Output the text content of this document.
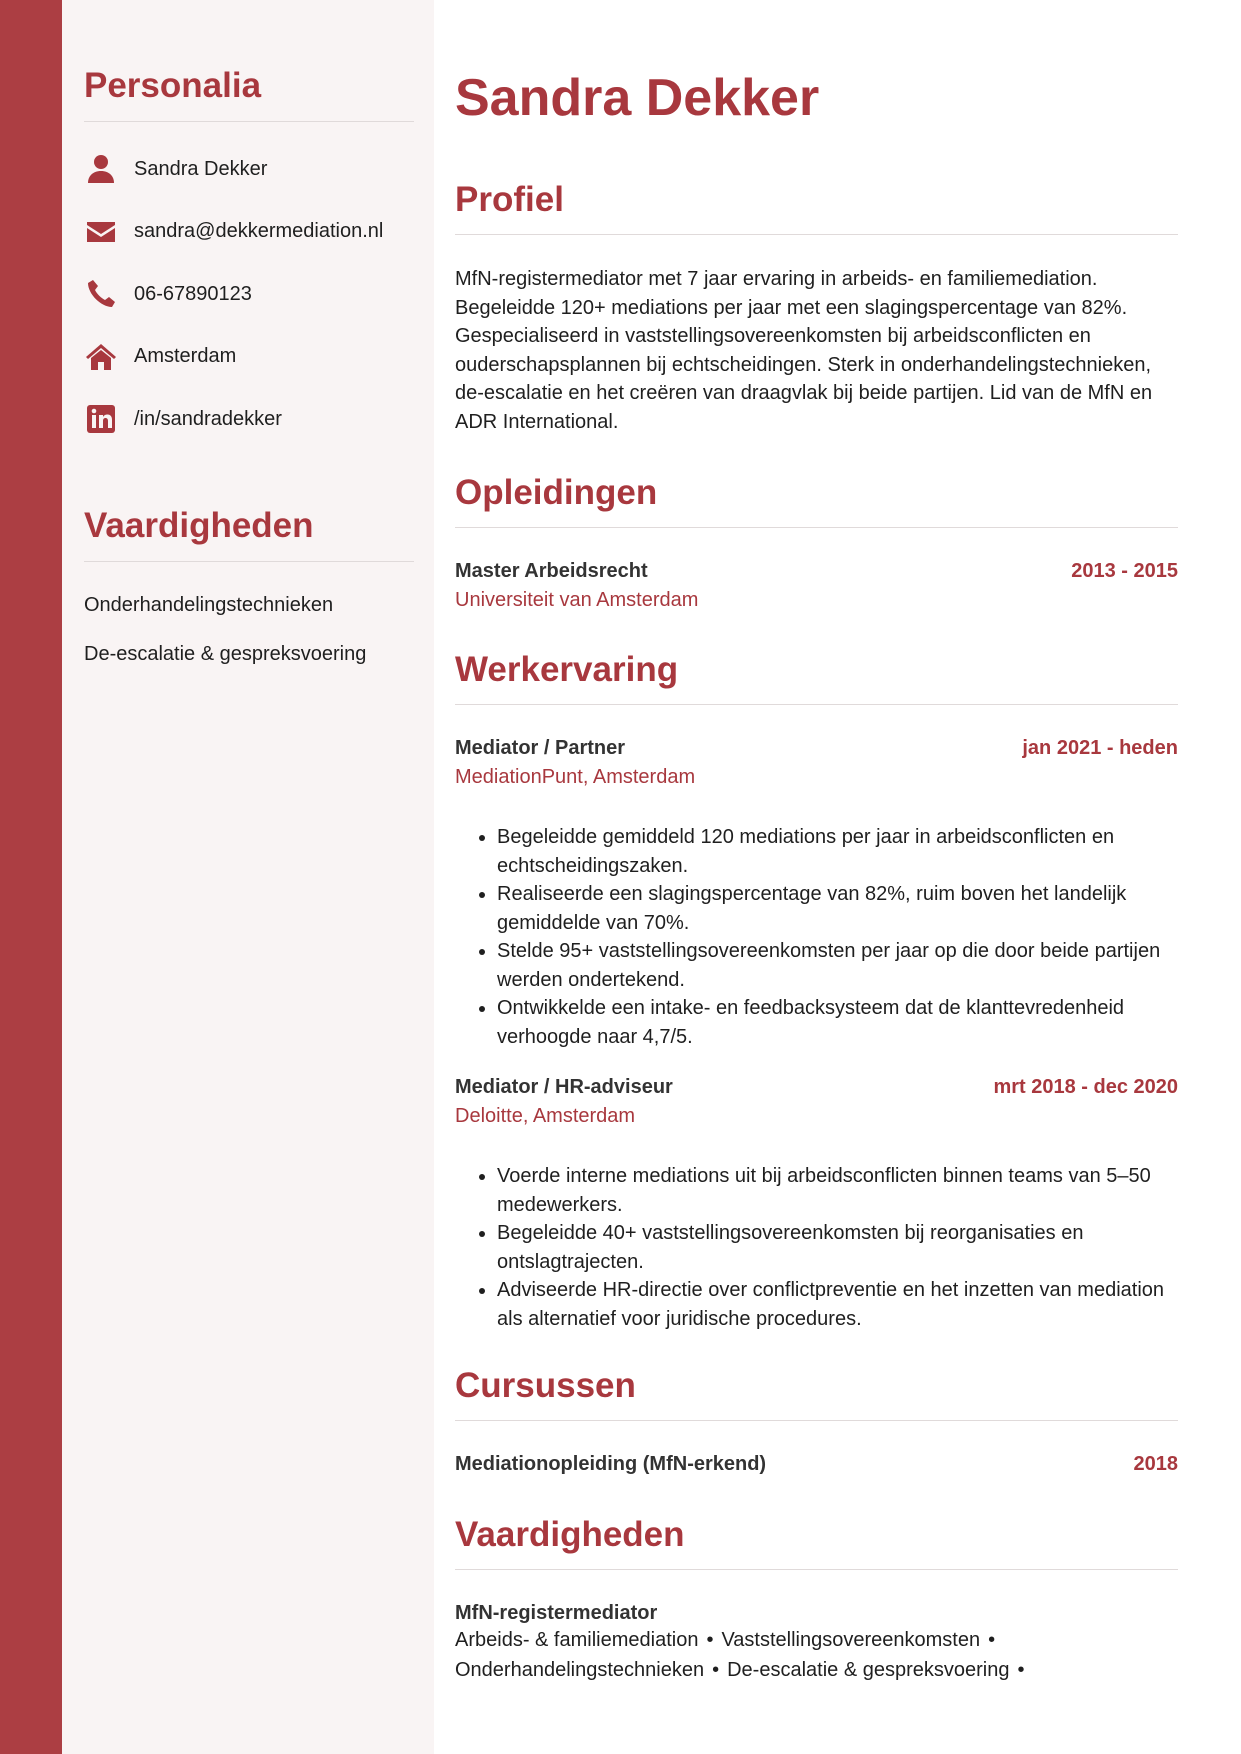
Personalia
Sandra Dekker
sandra@dekkermediation.nl
06-67890123
Amsterdam
/in/sandradekker
Vaardigheden
Onderhandelingstechnieken
De-escalatie & gespreksvoering
Sandra Dekker
Profiel

MfN-registermediator met 7 jaar ervaring in arbeids- en familiemediation. Begeleidde 120+ mediations per jaar met een slagingspercentage van 82%. Gespecialiseerd in vaststellingsovereenkomsten bij arbeidsconflicten en ouderschapsplannen bij echtscheidingen. Sterk in onderhandelingstechnieken, de-escalatie en het creëren van draagvlak bij beide partijen. Lid van de MfN en ADR International.

Opleidingen
Master Arbeidsrecht	2013 - 2015
Universiteit van Amsterdam
Werkervaring
Mediator / Partner	jan 2021 - heden
MediationPunt, Amsterdam
• Begeleidde gemiddeld 120 mediations per jaar in arbeidsconflicten en echtscheidingszaken.
• Realiseerde een slagingspercentage van 82%, ruim boven het landelijk gemiddelde van 70%.
• Stelde 95+ vaststellingsovereenkomsten per jaar op die door beide partijen werden ondertekend.
• Ontwikkelde een intake- en feedbacksysteem dat de klanttevredenheid verhoogde naar 4,7/5.
Mediator / HR-adviseur	mrt 2018 - dec 2020
Deloitte, Amsterdam
• Voerde interne mediations uit bij arbeidsconflicten binnen teams van 5–50 medewerkers.
• Begeleidde 40+ vaststellingsovereenkomsten bij reorganisaties en ontslagtrajecten.
• Adviseerde HR-directie over conflictpreventie en het inzetten van mediation als alternatief voor juridische procedures.
Cursussen
Mediationopleiding (MfN-erkend)	2018
Vaardigheden
MfN-registermediator
Arbeids- & familiemediation • Vaststellingsovereenkomsten •
Onderhandelingstechnieken • De-escalatie & gespreksvoering •
